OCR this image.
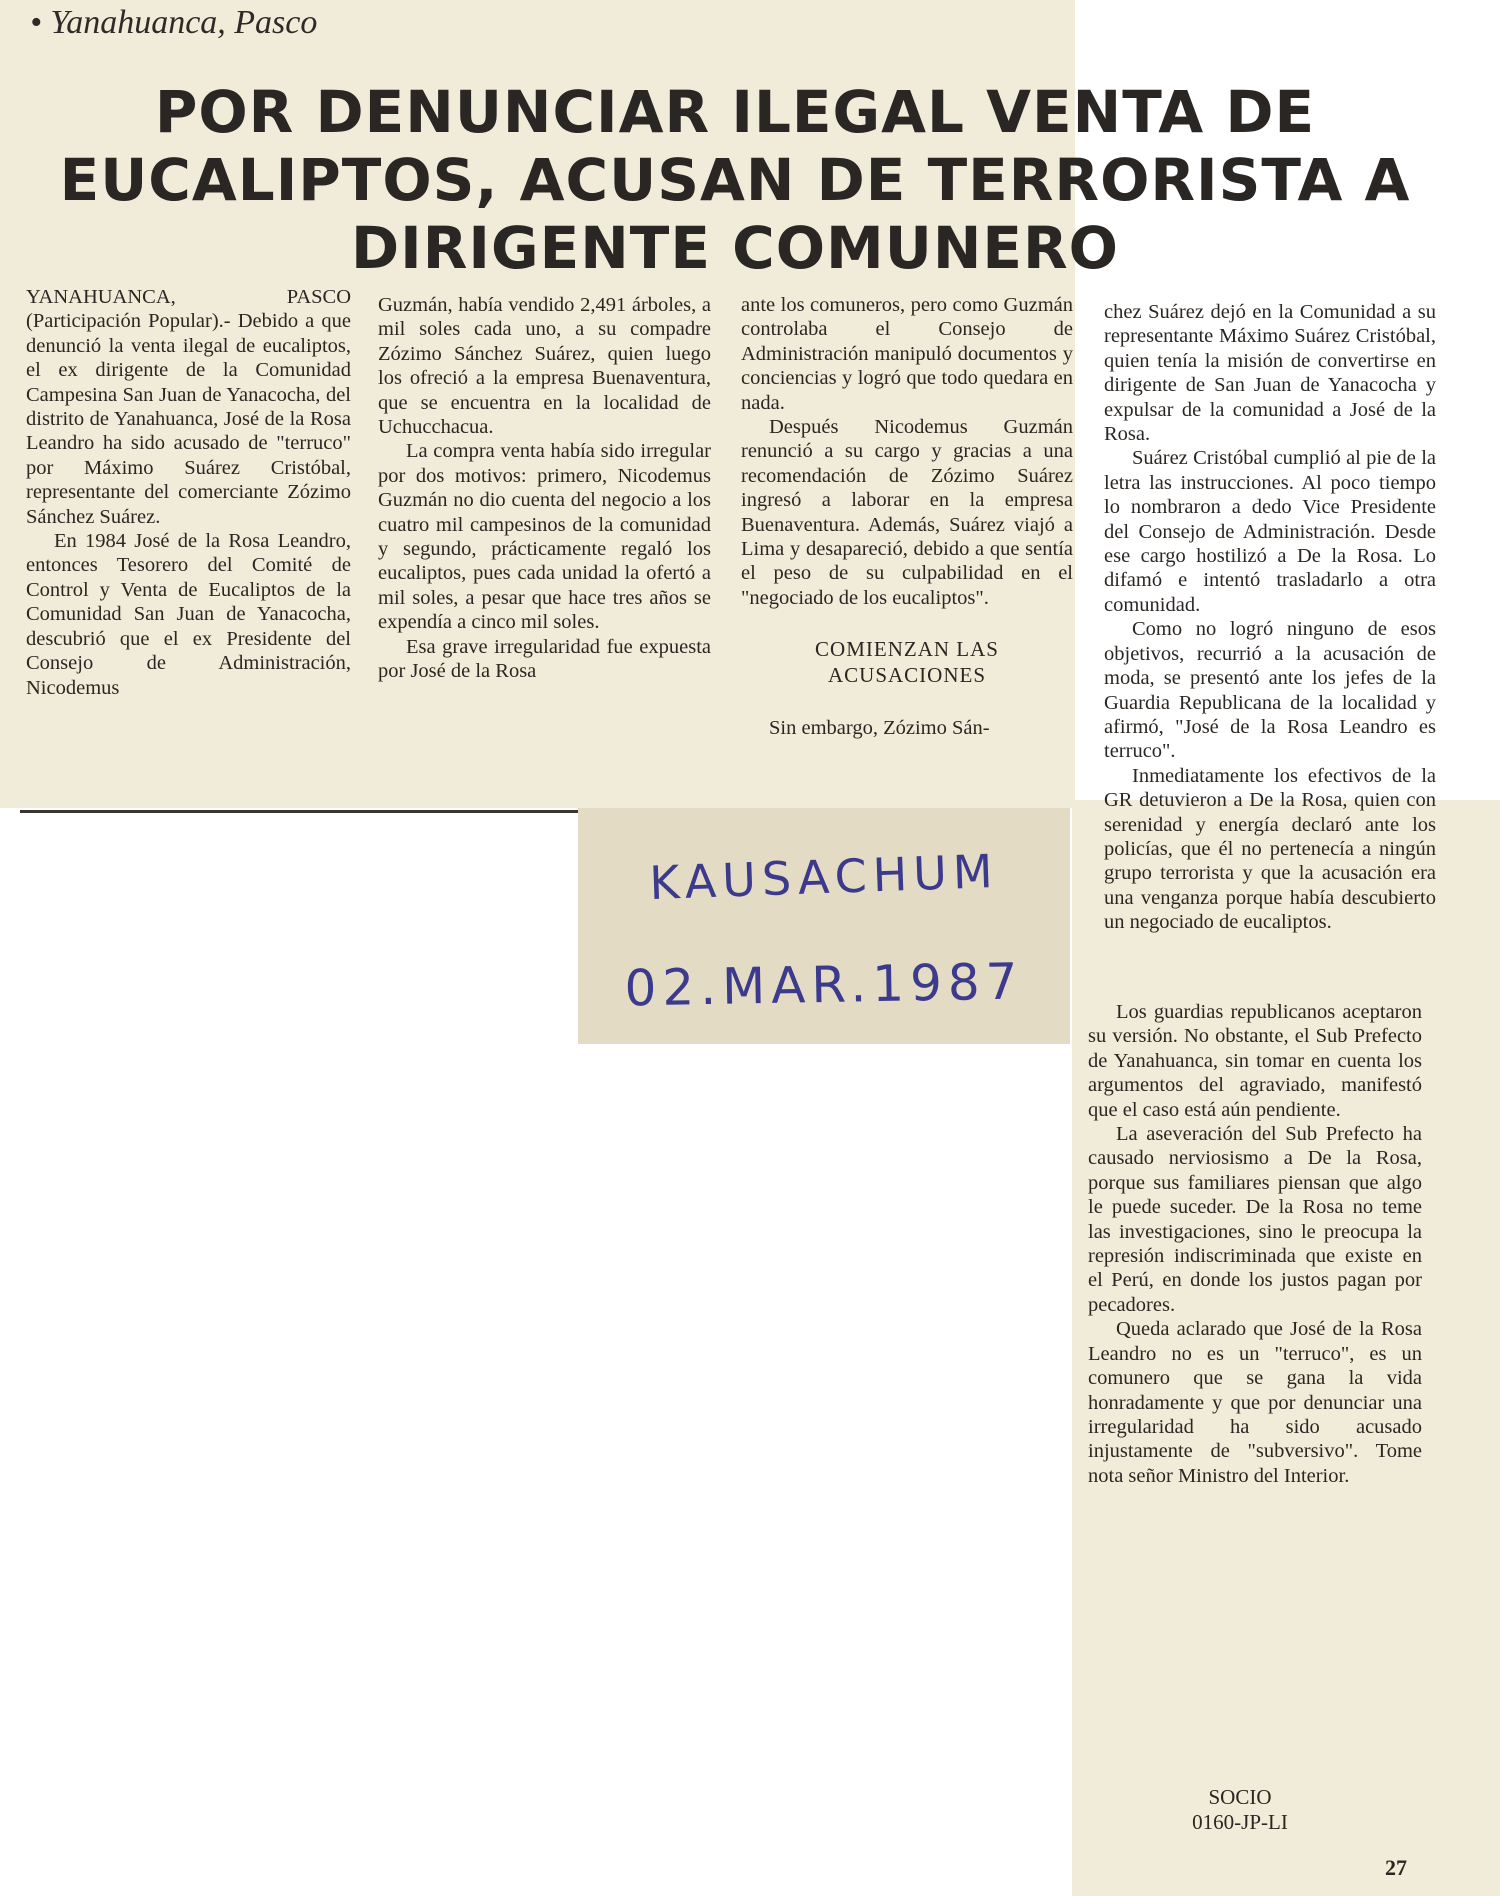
• Yanahuanca, Pasco
POR DENUNCIAR ILEGAL VENTA DE EUCALIPTOS, ACUSAN DE TERRORISTA A DIRIGENTE COMUNERO

YANAHUANCA, PASCO (Participación Popular).- Debido a que denunció la venta ilegal de eucaliptos, el ex dirigente de la Comunidad Campesina San Juan de Yanacocha, del distrito de Yanahuanca, José de la Rosa Leandro ha sido acusado de "terruco" por Máximo Suárez Cristóbal, representante del comerciante Zózimo Sánchez Suárez.

En 1984 José de la Rosa Leandro, entonces Tesorero del Comité de Control y Venta de Eucaliptos de la Comunidad San Juan de Yanacocha, descubrió que el ex Presidente del Consejo de Administración, Nicodemus

Guzmán, había vendido 2,491 árboles, a mil soles cada uno, a su compadre Zózimo Sánchez Suárez, quien luego los ofreció a la empresa Buenaventura, que se encuentra en la localidad de Uchucchacua.

La compra venta había sido irregular por dos motivos: primero, Nicodemus Guzmán no dio cuenta del negocio a los cuatro mil campesinos de la comunidad y segundo, prácticamente regaló los eucaliptos, pues cada unidad la ofertó a mil soles, a pesar que hace tres años se expendía a cinco mil soles.

Esa grave irregularidad fue expuesta por José de la Rosa

ante los comuneros, pero como Guzmán controlaba el Consejo de Administración manipuló documentos y conciencias y logró que todo quedara en nada.

Después Nicodemus Guzmán renunció a su cargo y gracias a una recomendación de Zózimo Suárez ingresó a laborar en la empresa Buenaventura. Además, Suárez viajó a Lima y desapareció, debido a que sentía el peso de su culpabilidad en el "negociado de los eucaliptos".

COMIENZAN LAS ACUSACIONES

Sin embargo, Zózimo Sán-

chez Suárez dejó en la Comunidad a su representante Máximo Suárez Cristóbal, quien tenía la misión de convertirse en dirigente de San Juan de Yanacocha y expulsar de la comunidad a José de la Rosa.

Suárez Cristóbal cumplió al pie de la letra las instrucciones. Al poco tiempo lo nombraron a dedo Vice Presidente del Consejo de Administración. Desde ese cargo hostilizó a De la Rosa. Lo difamó e intentó trasladarlo a otra comunidad.

Como no logró ninguno de esos objetivos, recurrió a la acusación de moda, se presentó ante los jefes de la Guardia Republicana de la localidad y afirmó, "José de la Rosa Leandro es terruco".

Inmediatamente los efectivos de la GR detuvieron a De la Rosa, quien con serenidad y energía declaró ante los policías, que él no pertenecía a ningún grupo terrorista y que la acusación era una venganza porque había descubierto un negociado de eucaliptos.

Los guardias republicanos aceptaron su versión. No obstante, el Sub Prefecto de Yanahuanca, sin tomar en cuenta los argumentos del agraviado, manifestó que el caso está aún pendiente.

La aseveración del Sub Prefecto ha causado nerviosismo a De la Rosa, porque sus familiares piensan que algo le puede suceder. De la Rosa no teme las investigaciones, sino le preocupa la represión indiscriminada que existe en el Perú, en donde los justos pagan por pecadores.

Queda aclarado que José de la Rosa Leandro no es un "terruco", es un comunero que se gana la vida honradamente y que por denunciar una irregularidad ha sido acusado injustamente de "subversivo". Tome nota señor Ministro del Interior.

KAUSACHUM
02.MAR.1987
SOCIO
0160-JP-LI
27
